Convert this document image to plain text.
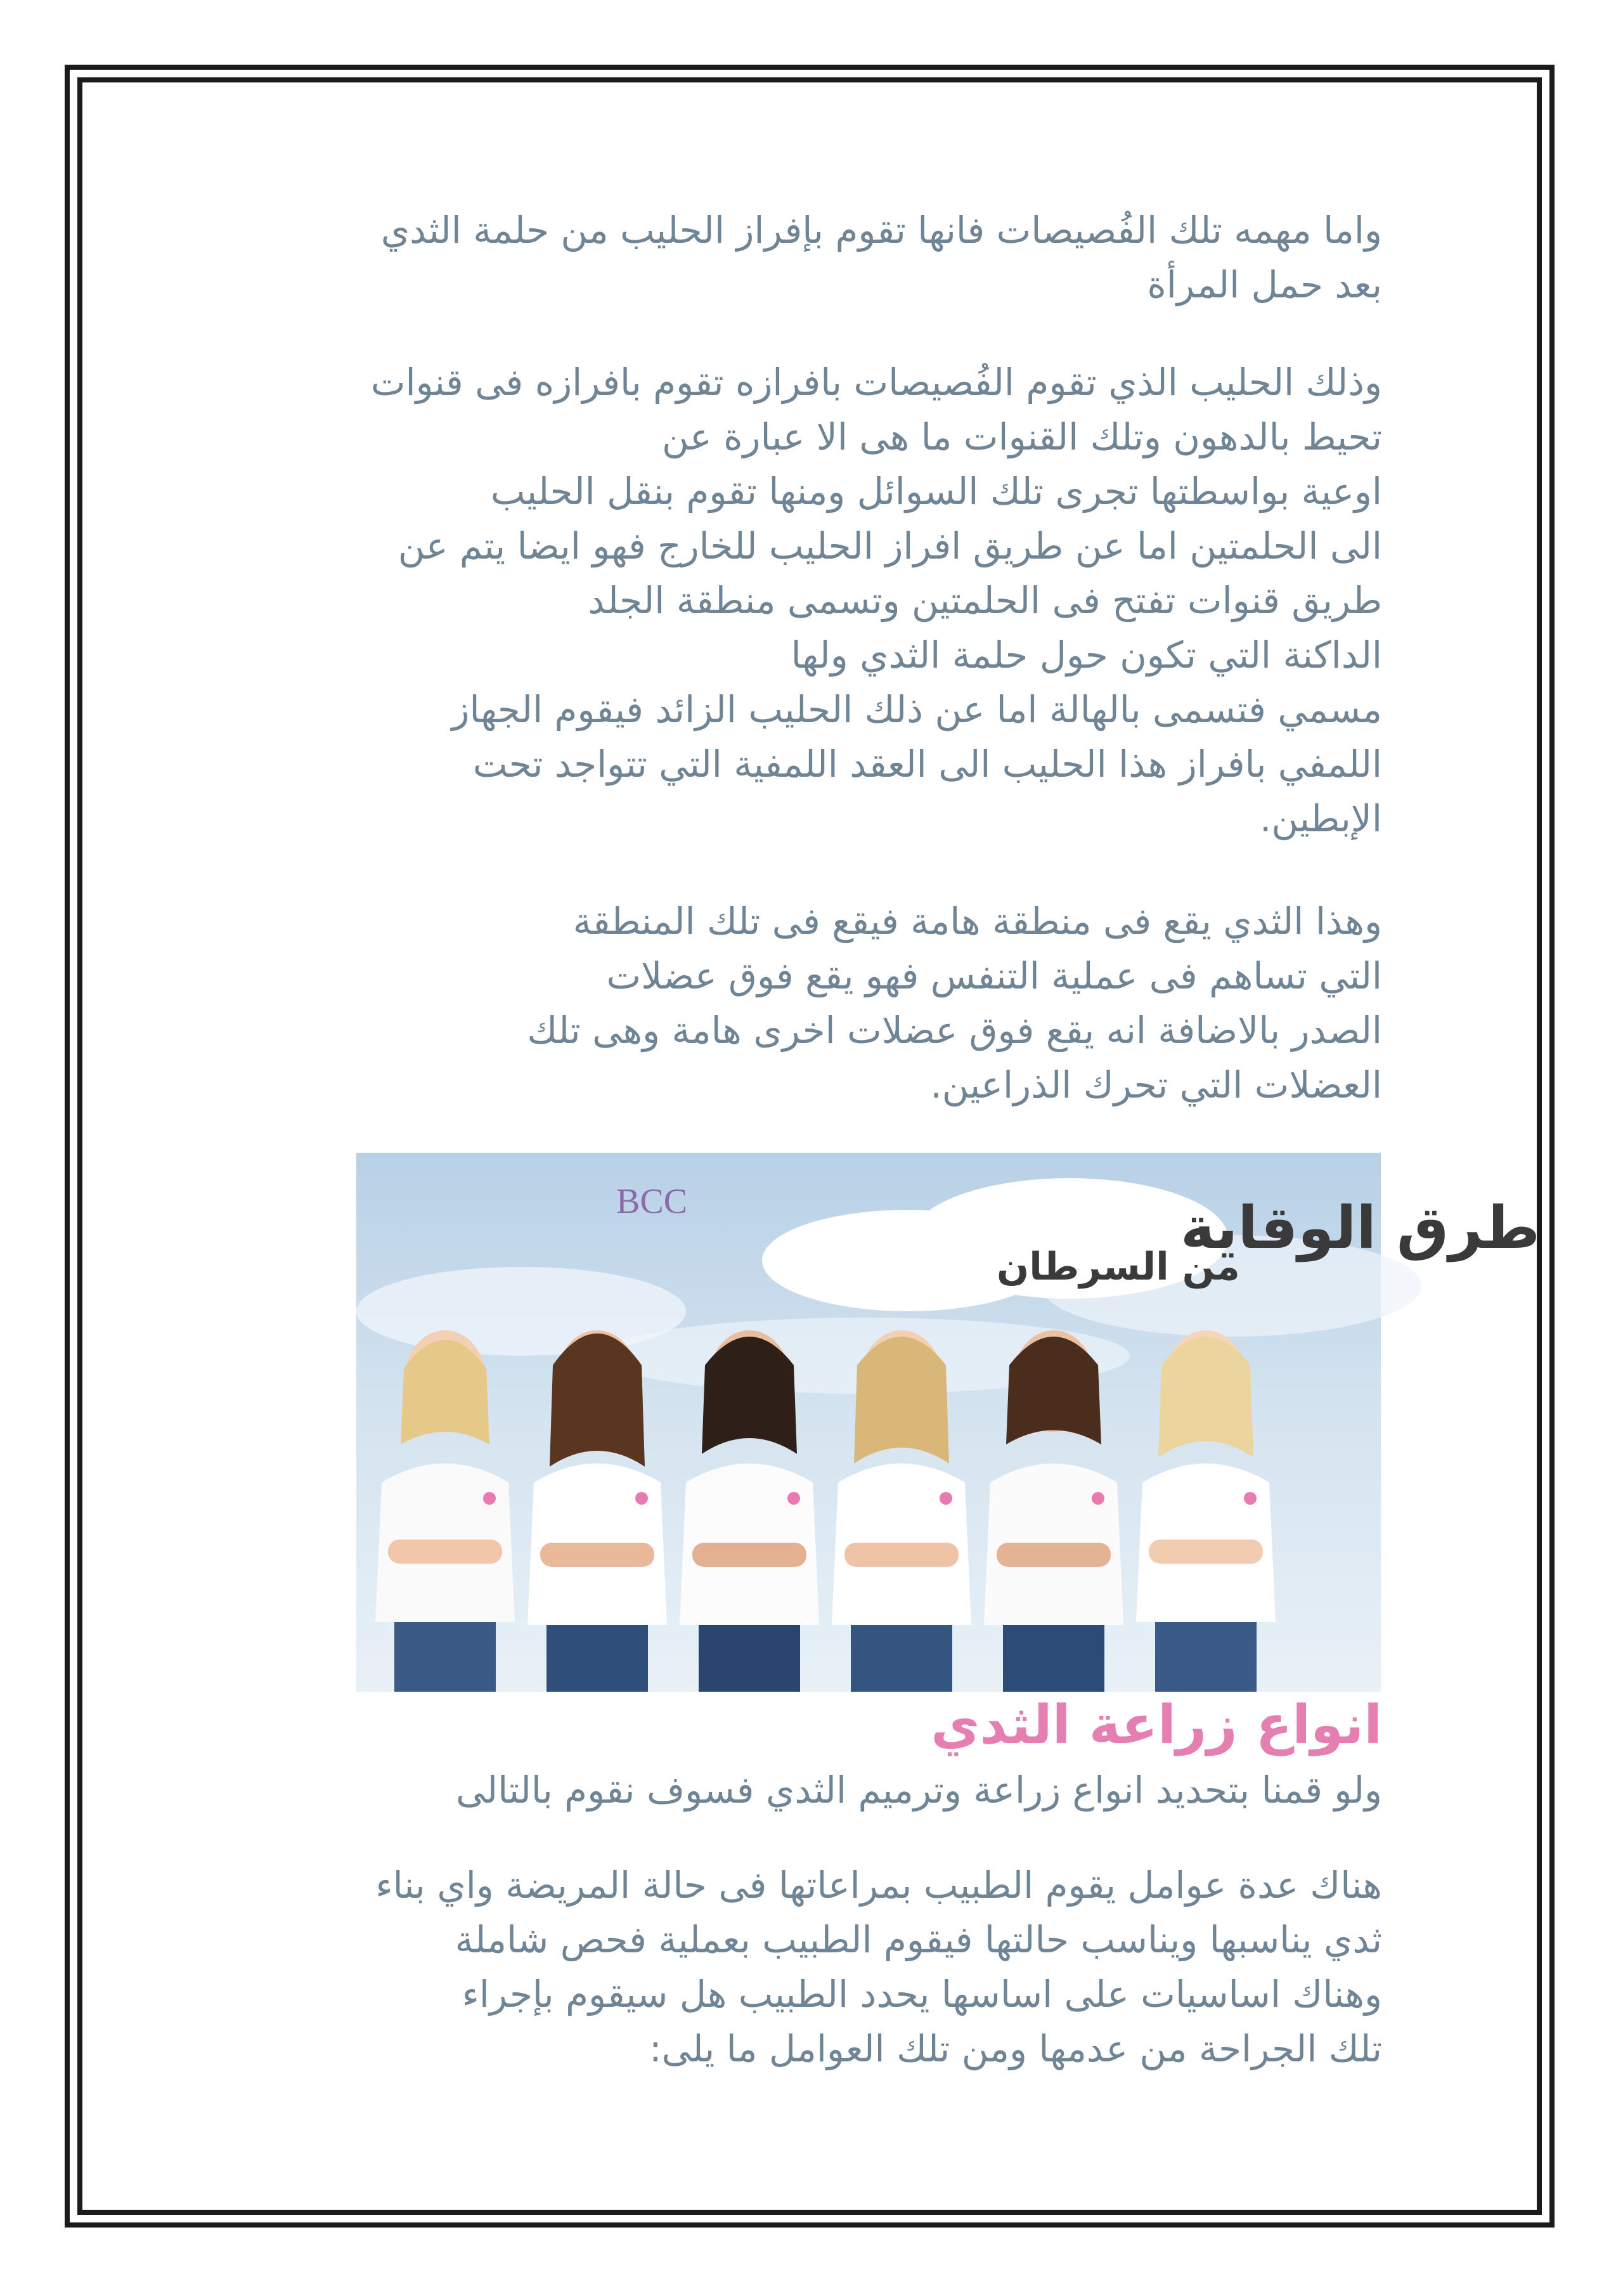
واما مهمه تلك الفُصيصات فانها تقوم بإفراز الحليب من حلمة الثدي
بعد حمل المرأة

وذلك الحليب الذي تقوم الفُصيصات بافرازه تقوم بافرازه فى قنوات
تحيط بالدهون وتلك القنوات ما هى الا عبارة عن
اوعية بواسطتها تجرى تلك السوائل ومنها تقوم بنقل الحليب
الى الحلمتين اما عن طريق افراز الحليب للخارج فهو ايضا يتم عن
طريق قنوات تفتح فى الحلمتين وتسمى منطقة الجلد
الداكنة التي تكون حول حلمة الثدي ولها
مسمي فتسمى بالهالة اما عن ذلك الحليب الزائد فيقوم الجهاز
اللمفي بافراز هذا الحليب الى العقد اللمفية التي تتواجد تحت
الإبطين.

وهذا الثدي يقع فى منطقة هامة فيقع فى تلك المنطقة
التي تساهم فى عملية التنفس فهو يقع فوق عضلات
الصدر بالاضافة انه يقع فوق عضلات اخرى هامة وهى تلك
العضلات التي تحرك الذراعين.

BCC	طرق الوقاية
من السرطان
انواع زراعة الثدي

ولو قمنا بتحديد انواع زراعة وترميم الثدي فسوف نقوم بالتالى

هناك عدة عوامل يقوم الطبيب بمراعاتها فى حالة المريضة واي بناء
ثدي يناسبها ويناسب حالتها فيقوم الطبيب بعملية فحص شاملة
وهناك اساسيات على اساسها يحدد الطبيب هل سيقوم بإجراء
تلك الجراحة من عدمها ومن تلك العوامل ما يلى:
